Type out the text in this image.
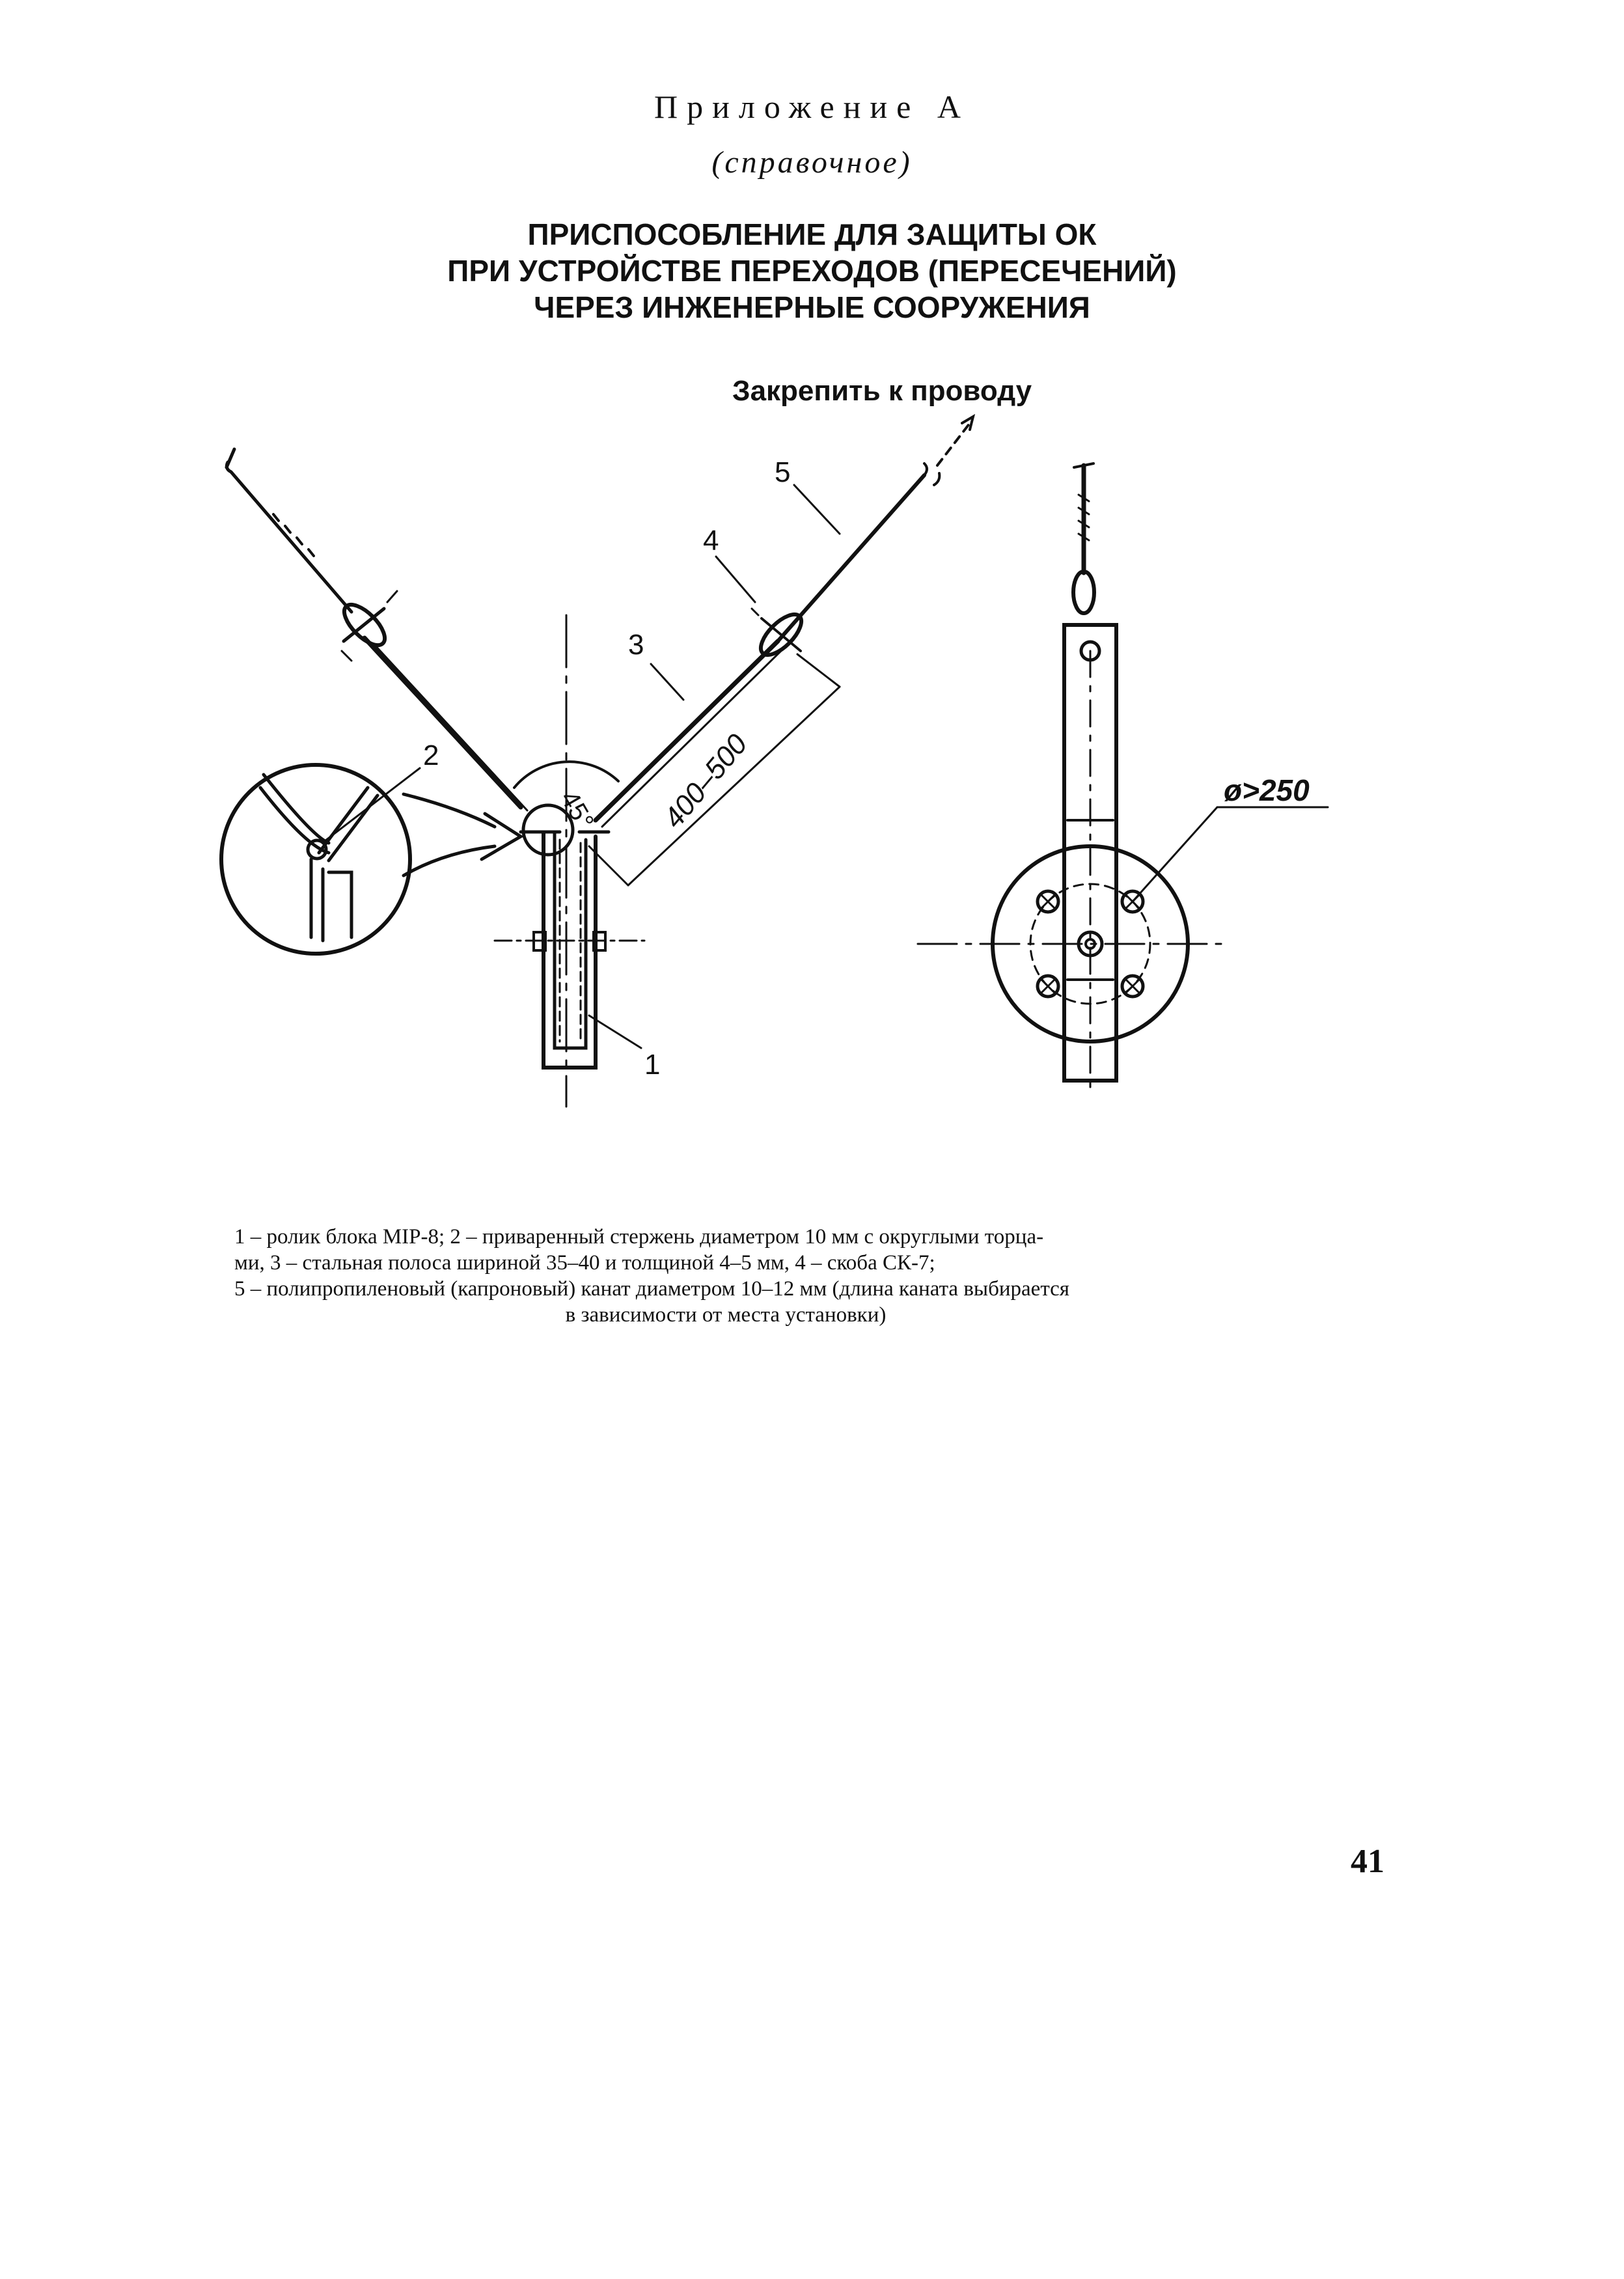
Приложение А
(справочное)
ПРИСПОСОБЛЕНИЕ ДЛЯ ЗАЩИТЫ ОК
ПРИ УСТРОЙСТВЕ ПЕРЕХОДОВ (ПЕРЕСЕЧЕНИЙ)
ЧЕРЕЗ ИНЖЕНЕРНЫЕ СООРУЖЕНИЯ
Закрепить к проводу
5
4
3
2
1
45° 400–500	ø>250
1 – ролик блока МIР-8; 2 – приваренный стержень диаметром 10 мм с округлыми торца-
ми, 3 – стальная полоса шириной 35–40 и толщиной 4–5 мм, 4 – скоба СК-7;
5 – полипропиленовый (капроновый) канат диаметром 10–12 мм (длина каната выбирается
в зависимости от места установки)
41
